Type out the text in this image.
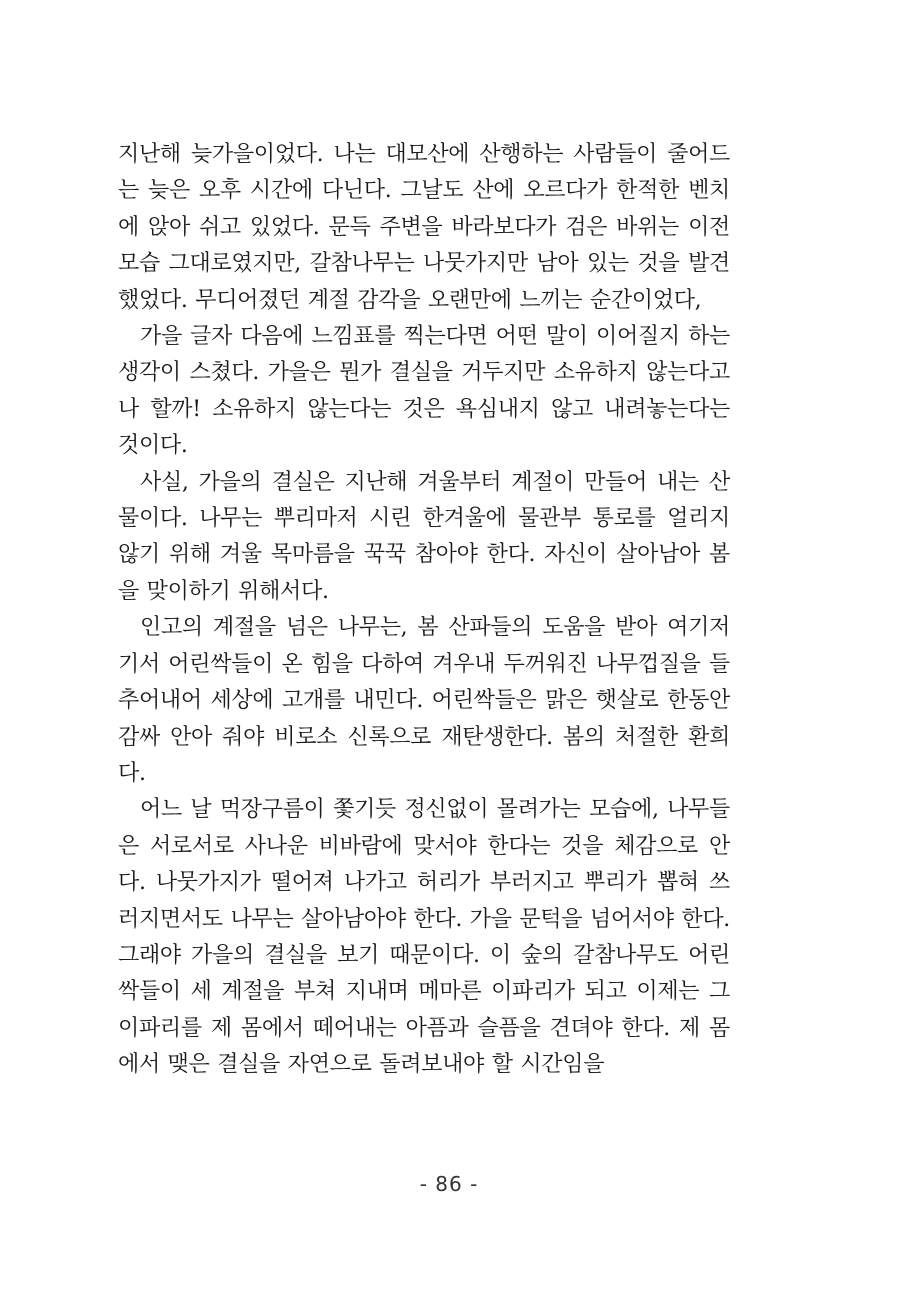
지난해 늦가을이었다. 나는 대모산에 산행하는 사람들이 줄어드는 늦은 오후 시간에 다닌다. 그날도 산에 오르다가 한적한 벤치에 앉아 쉬고 있었다. 문득 주변을 바라보다가 검은 바위는 이전 모습 그대로였지만, 갈참나무는 나뭇가지만 남아 있는 것을 발견했었다. 무디어졌던 계절 감각을 오랜만에 느끼는 순간이었다,

가을 글자 다음에 느낌표를 찍는다면 어떤 말이 이어질지 하는 생각이 스쳤다. 가을은 뭔가 결실을 거두지만 소유하지 않는다고나 할까! 소유하지 않는다는 것은 욕심내지 않고 내려놓는다는 것이다.

사실, 가을의 결실은 지난해 겨울부터 계절이 만들어 내는 산물이다. 나무는 뿌리마저 시린 한겨울에 물관부 통로를 얼리지 않기 위해 겨울 목마름을 꾹꾹 참아야 한다. 자신이 살아남아 봄을 맞이하기 위해서다.

인고의 계절을 넘은 나무는, 봄 산파들의 도움을 받아 여기저기서 어린싹들이 온 힘을 다하여 겨우내 두꺼워진 나무껍질을 들추어내어 세상에 고개를 내민다. 어린싹들은 맑은 햇살로 한동안 감싸 안아 줘야 비로소 신록으로 재탄생한다. 봄의 처절한 환희다.

어느 날 먹장구름이 쫓기듯 정신없이 몰려가는 모습에, 나무들은 서로서로 사나운 비바람에 맞서야 한다는 것을 체감으로 안다. 나뭇가지가 떨어져 나가고 허리가 부러지고 뿌리가 뽑혀 쓰러지면서도 나무는 살아남아야 한다. 가을 문턱을 넘어서야 한다. 그래야 가을의 결실을 보기 때문이다. 이 숲의 갈참나무도 어린싹들이 세 계절을 부쳐 지내며 메마른 이파리가 되고 이제는 그 이파리를 제 몸에서 떼어내는 아픔과 슬픔을 견뎌야 한다. 제 몸에서 맺은 결실을 자연으로 돌려보내야 할 시간임을

- 86 -
